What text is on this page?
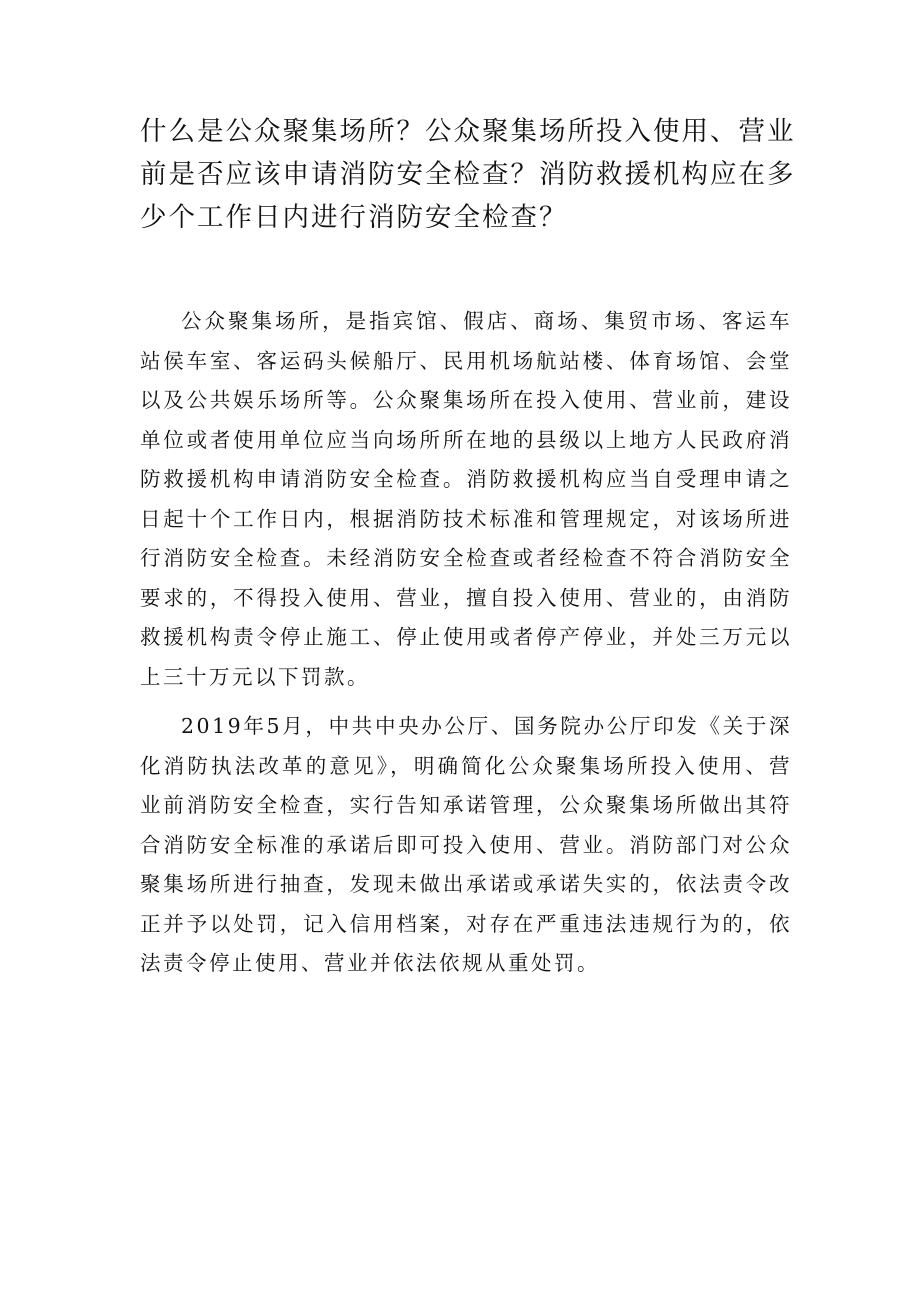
什么是公众聚集场所？公众聚集场所投入使用、营业前是否应该申请消防安全检查？消防救援机构应在多少个工作日内进行消防安全检查？

公众聚集场所，是指宾馆、假店、商场、集贸市场、客运车站侯车室、客运码头候船厅、民用机场航站楼、体育场馆、会堂以及公共娱乐场所等。公众聚集场所在投入使用、营业前，建设单位或者使用单位应当向场所所在地的县级以上地方人民政府消防救援机构申请消防安全检查。消防救援机构应当自受理申请之日起十个工作日内，根据消防技术标准和管理规定，对该场所进行消防安全检查。未经消防安全检查或者经检查不符合消防安全要求的，不得投入使用、营业，擅自投入使用、营业的，由消防救援机构责令停止施工、停止使用或者停产停业，并处三万元以上三十万元以下罚款。

2019年5月，中共中央办公厅、国务院办公厅印发《关于深化消防执法改革的意见》，明确简化公众聚集场所投入使用、营业前消防安全检查，实行告知承诺管理，公众聚集场所做出其符合消防安全标准的承诺后即可投入使用、营业。消防部门对公众聚集场所进行抽查，发现未做出承诺或承诺失实的，依法责令改正并予以处罚，记入信用档案，对存在严重违法违规行为的，依法责令停止使用、营业并依法依规从重处罚。
